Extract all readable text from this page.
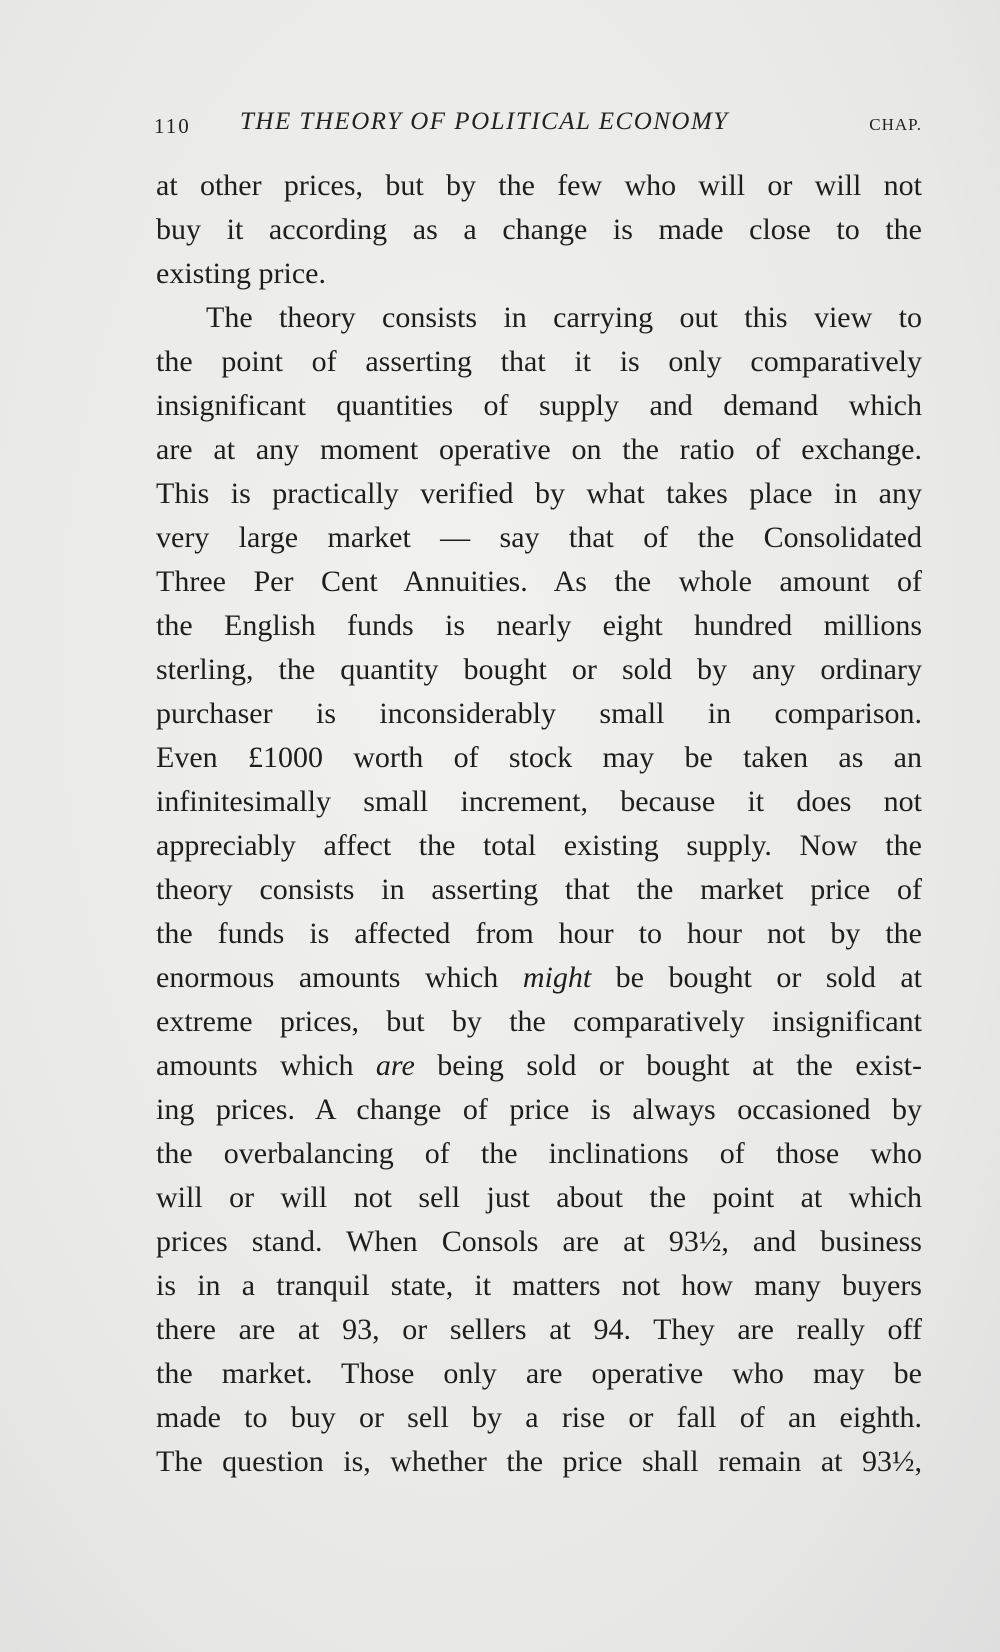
110 THE THEORY OF POLITICAL ECONOMY	CHAP.
at other prices, but by the few who will or will not
buy it according as a change is made close to the
existing price.
The theory consists in carrying out this view to
the point of asserting that it is only comparatively
insignificant quantities of supply and demand which
are at any moment operative on the ratio of exchange.
This is practically verified by what takes place in any
very large market — say that of the Consolidated
Three Per Cent Annuities. As the whole amount of
the English funds is nearly eight hundred millions
sterling, the quantity bought or sold by any ordinary
purchaser is inconsiderably small in comparison.
Even £1000 worth of stock may be taken as an
infinitesimally small increment, because it does not
appreciably affect the total existing supply. Now the
theory consists in asserting that the market price of
the funds is affected from hour to hour not by the
enormous amounts which might be bought or sold at
extreme prices, but by the comparatively insignificant
amounts which are being sold or bought at the exist-
ing prices. A change of price is always occasioned by
the overbalancing of the inclinations of those who
will or will not sell just about the point at which
prices stand. When Consols are at 93½, and business
is in a tranquil state, it matters not how many buyers
there are at 93, or sellers at 94. They are really off
the market. Those only are operative who may be
made to buy or sell by a rise or fall of an eighth.
The question is, whether the price shall remain at 93½,
